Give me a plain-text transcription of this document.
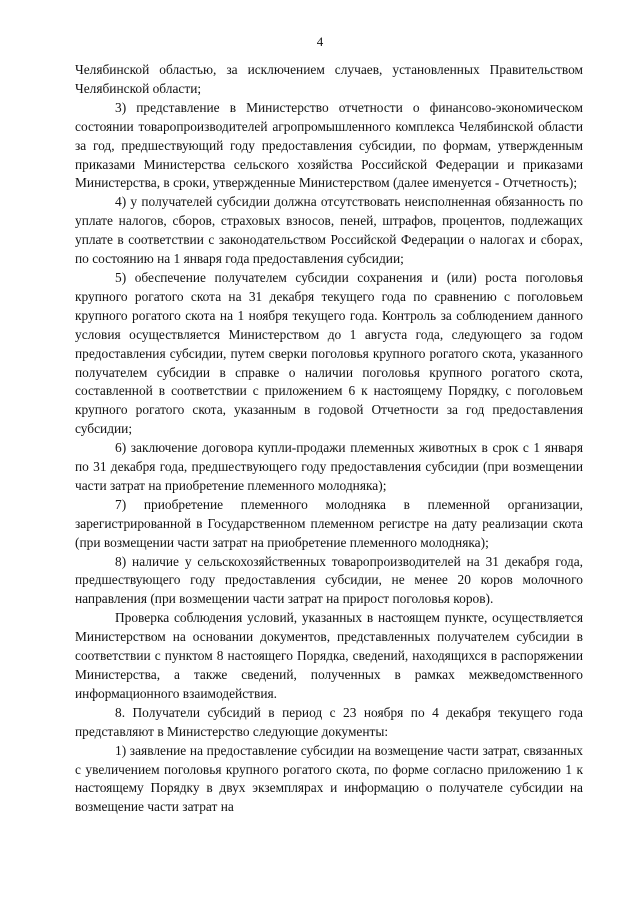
4

Челябинской областью, за исключением случаев, установленных Правительством Челябинской области;

3) представление в Министерство отчетности о финансово-экономическом состоянии товаропроизводителей агропромышленного комплекса Челябинской области за год, предшествующий году предоставления субсидии, по формам, утвержденным приказами Министерства сельского хозяйства Российской Федерации и приказами Министерства, в сроки, утвержденные Министерством (далее именуется - Отчетность);

4) у получателей субсидии должна отсутствовать неисполненная обязанность по уплате налогов, сборов, страховых взносов, пеней, штрафов, процентов, подлежащих уплате в соответствии с законодательством Российской Федерации о налогах и сборах, по состоянию на 1 января года предоставления субсидии;

5) обеспечение получателем субсидии сохранения и (или) роста поголовья крупного рогатого скота на 31 декабря текущего года по сравнению с поголовьем крупного рогатого скота на 1 ноября текущего года. Контроль за соблюдением данного условия осуществляется Министерством до 1 августа года, следующего за годом предоставления субсидии, путем сверки поголовья крупного рогатого скота, указанного получателем субсидии в справке о наличии поголовья крупного рогатого скота, составленной в соответствии с приложением 6 к настоящему Порядку, с поголовьем крупного рогатого скота, указанным в годовой Отчетности за год предоставления субсидии;

6) заключение договора купли-продажи племенных животных в срок с 1 января по 31 декабря года, предшествующего году предоставления субсидии (при возмещении части затрат на приобретение племенного молодняка);

7) приобретение племенного молодняка в племенной организации, зарегистрированной в Государственном племенном регистре на дату реализации скота (при возмещении части затрат на приобретение племенного молодняка);

8) наличие у сельскохозяйственных товаропроизводителей на 31 декабря года, предшествующего году предоставления субсидии, не менее 20 коров молочного направления (при возмещении части затрат на прирост поголовья коров).

Проверка соблюдения условий, указанных в настоящем пункте, осуществляется Министерством на основании документов, представленных получателем субсидии в соответствии с пунктом 8 настоящего Порядка, сведений, находящихся в распоряжении Министерства, а также сведений, полученных в рамках межведомственного информационного взаимодействия.

8. Получатели субсидий в период с 23 ноября по 4 декабря текущего года представляют в Министерство следующие документы:

1) заявление на предоставление субсидии на возмещение части затрат, связанных с увеличением поголовья крупного рогатого скота, по форме согласно приложению 1 к настоящему Порядку в двух экземплярах и информацию о получателе субсидии на возмещение части затрат на
